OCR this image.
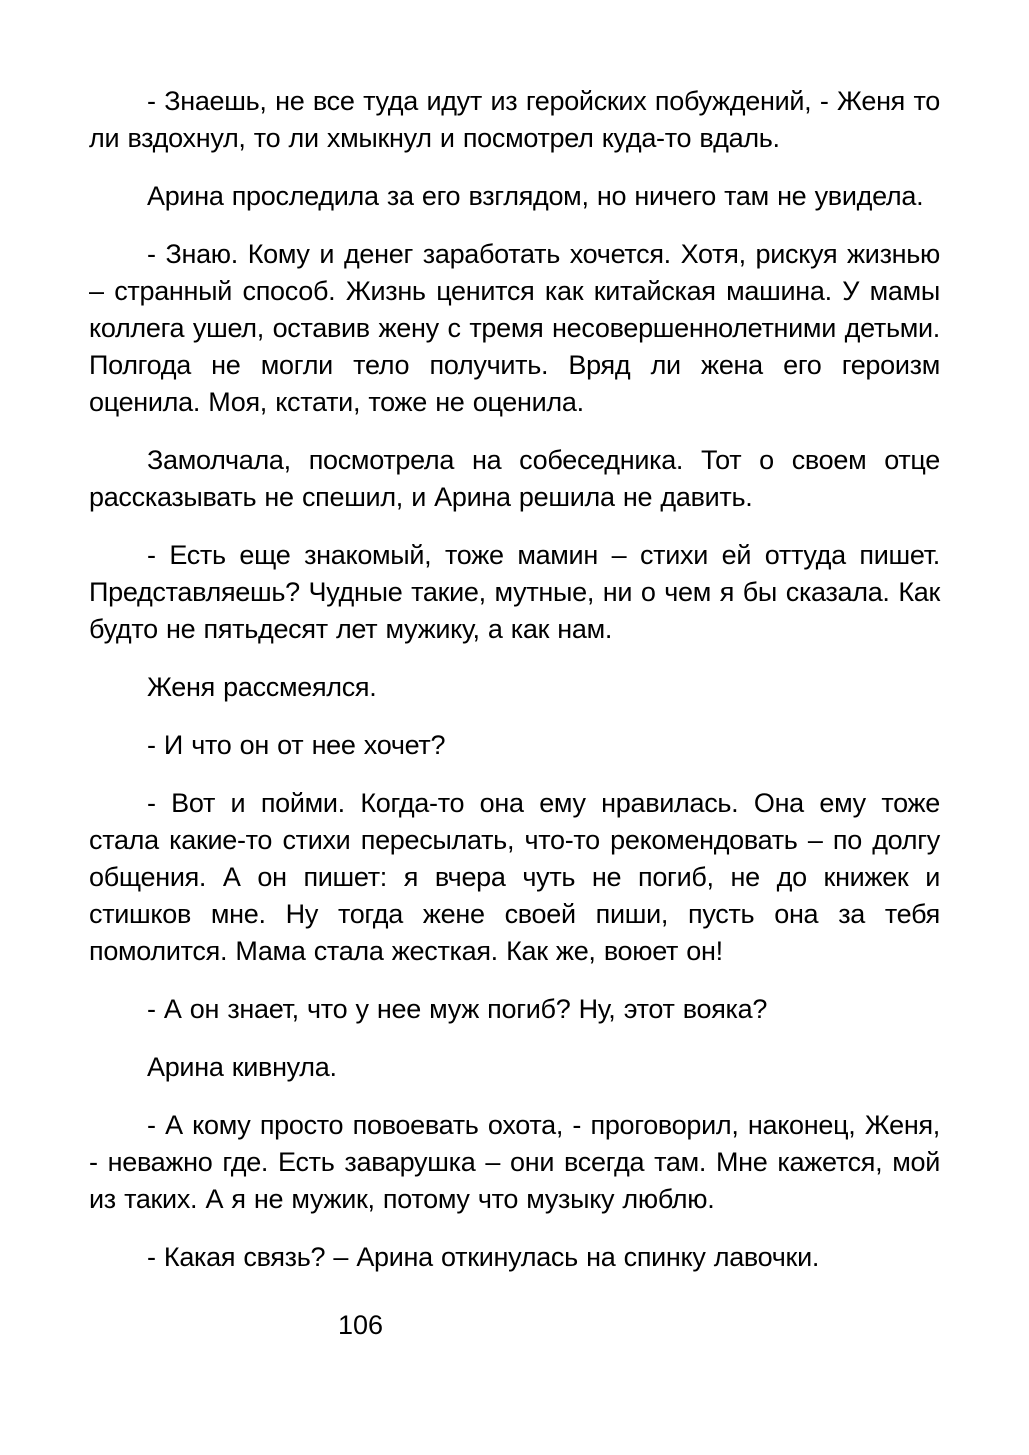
- Знаешь, не все туда идут из геройских побуждений, - Женя то ли вздохнул, то ли хмыкнул и посмотрел куда-то вдаль.

Арина проследила за его взглядом, но ничего там не увидела.

- Знаю. Кому и денег заработать хочется. Хотя, рискуя жизнью – странный способ. Жизнь ценится как китайская машина. У мамы коллега ушел, оставив жену с тремя несовершеннолетними детьми. Полгода не могли тело получить. Вряд ли жена его героизм оценила. Моя, кстати, тоже не оценила.

Замолчала, посмотрела на собеседника. Тот о своем отце рассказывать не спешил, и Арина решила не давить.

- Есть еще знакомый, тоже мамин – стихи ей оттуда пишет. Представляешь? Чудные такие, мутные, ни о чем я бы сказала. Как будто не пятьдесят лет мужику, а как нам.

Женя рассмеялся.

- И что он от нее хочет?

- Вот и пойми. Когда-то она ему нравилась. Она ему тоже стала какие-то стихи пересылать, что-то рекомендовать – по долгу общения. А он пишет: я вчера чуть не погиб, не до книжек и стишков мне. Ну тогда жене своей пиши, пусть она за тебя помолится. Мама стала жесткая. Как же, воюет он!

- А он знает, что у нее муж погиб? Ну, этот вояка?

Арина кивнула.

- А кому просто повоевать охота, - проговорил, наконец, Женя, - неважно где. Есть заварушка – они всегда там. Мне кажется, мой из таких. А я не мужик, потому что музыку люблю.

- Какая связь? – Арина откинулась на спинку лавочки.

106
